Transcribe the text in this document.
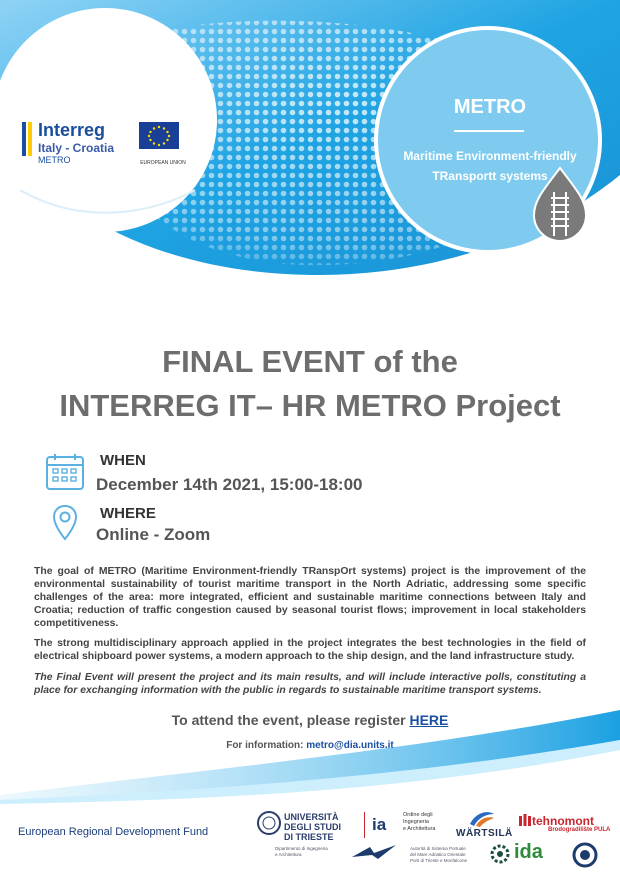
Interreg
Italy - Croatia
METRO	EUROPEAN UNION
METRO
Maritime Environment-friendly
TRansportt systems
FINAL EVENT of the
INTERREG IT– HR METRO Project
WHEN
December 14th 2021, 15:00-18:00
WHERE
Online - Zoom
The goal of METRO (Maritime Environment-friendly TRanspOrt systems) project is the improvement of the environmental sustainability of tourist maritime transport in the North Adriatic, addressing some specific challenges of the area: more integrated, efficient and sustainable maritime connections between Italy and Croatia; reduction of traffic congestion caused by seasonal tourist flows; improvement in local stakeholders competitiveness.
The strong multidisciplinary approach applied in the project integrates the best technologies in the field of electrical shipboard power systems, a modern approach to the ship design, and the land infrastructure study.
The Final Event will present the project and its main results, and will include interactive polls, constituting a place for exchanging information with the public in regards to sustainable maritime transport systems.
To attend the event, please register HERE
For information: metro@dia.units.it
European Regional Development Fund
UNIVERSITÀ
DEGLI STUDI
DI TRIESTE
ia	Ordine degli
Ingegneria
e Architettura WÄRTSILÄ
tehnomont
Brodogradilište PULA
Dipartimento di Ingegneria
e Architettura
Autorità di Sistema Portuale
del Mare Adriatico Orientale
Porti di Trieste e Monfalcone ida
